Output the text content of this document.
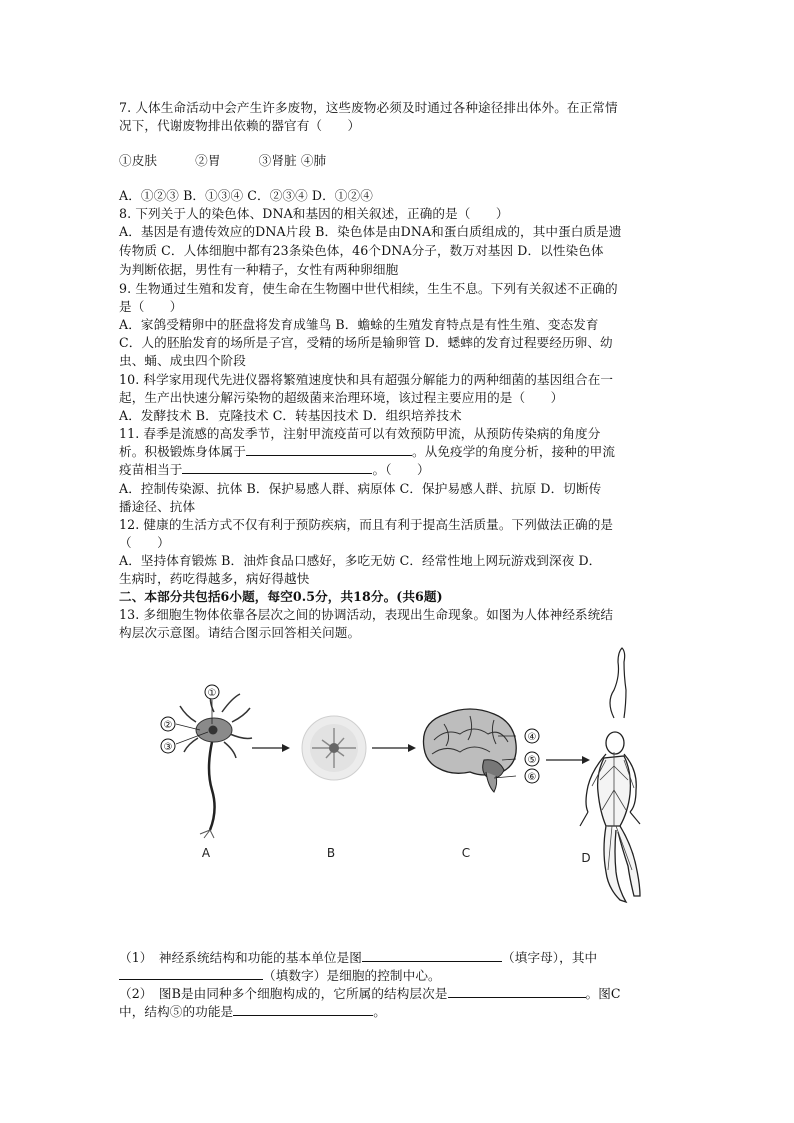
7. 人体生命活动中会产生许多废物，这些废物必须及时通过各种途径排出体外。在正常情
况下，代谢废物排出依赖的器官有（　　）
①皮肤　　　②胃　　　③肾脏 ④肺
A．①②③ B．①③④ C．②③④ D．①②④
8. 下列关于人的染色体、DNA和基因的相关叙述，正确的是（　　）
A．基因是有遗传效应的DNA片段 B．染色体是由DNA和蛋白质组成的，其中蛋白质是遗
传物质 C．人体细胞中都有23条染色体，46个DNA分子，数万对基因 D．以性染色体
为判断依据，男性有一种精子，女性有两种卵细胞
9. 生物通过生殖和发育，使生命在生物圈中世代相续，生生不息。下列有关叙述不正确的
是（　　）
A．家鸽受精卵中的胚盘将发育成雏鸟 B．蟾蜍的生殖发育特点是有性生殖、变态发育
C．人的胚胎发育的场所是子宫，受精的场所是输卵管 D．蟋蟀的发育过程要经历卵、幼
虫、蛹、成虫四个阶段
10. 科学家用现代先进仪器将繁殖速度快和具有超强分解能力的两种细菌的基因组合在一
起，生产出快速分解污染物的超级菌来治理环境，该过程主要应用的是（　　）
A．发酵技术 B．克隆技术 C．转基因技术 D．组织培养技术
11. 春季是流感的高发季节，注射甲流疫苗可以有效预防甲流，从预防传染病的角度分
析。积极锻炼身体属于	。从免疫学的角度分析，接种的甲流
疫苗相当于	。（　　）
A．控制传染源、抗体 B．保护易感人群、病原体 C．保护易感人群、抗原 D．切断传
播途径、抗体
12. 健康的生活方式不仅有利于预防疾病，而且有利于提高生活质量。下列做法正确的是
（　　）
A．坚持体育锻炼 B．油炸食品口感好，多吃无妨 C．经常性地上网玩游戏到深夜 D．
生病时，药吃得越多，病好得越快
二、本部分共包括6小题，每空0.5分，共18分。(共6题)
13. 多细胞生物体依靠各层次之间的协调活动，表现出生命现象。如图为人体神经系统结
构层次示意图。请结合图示回答相关问题。
①
②
③
A	B
④
⑤
⑥
C	D
（1）　神经系统结构和功能的基本单位是图	（填字母），其中
（填数字）是细胞的控制中心。
（2）　图B是由同种多个细胞构成的，它所属的结构层次是	。图C
中，结构⑤的功能是	。
